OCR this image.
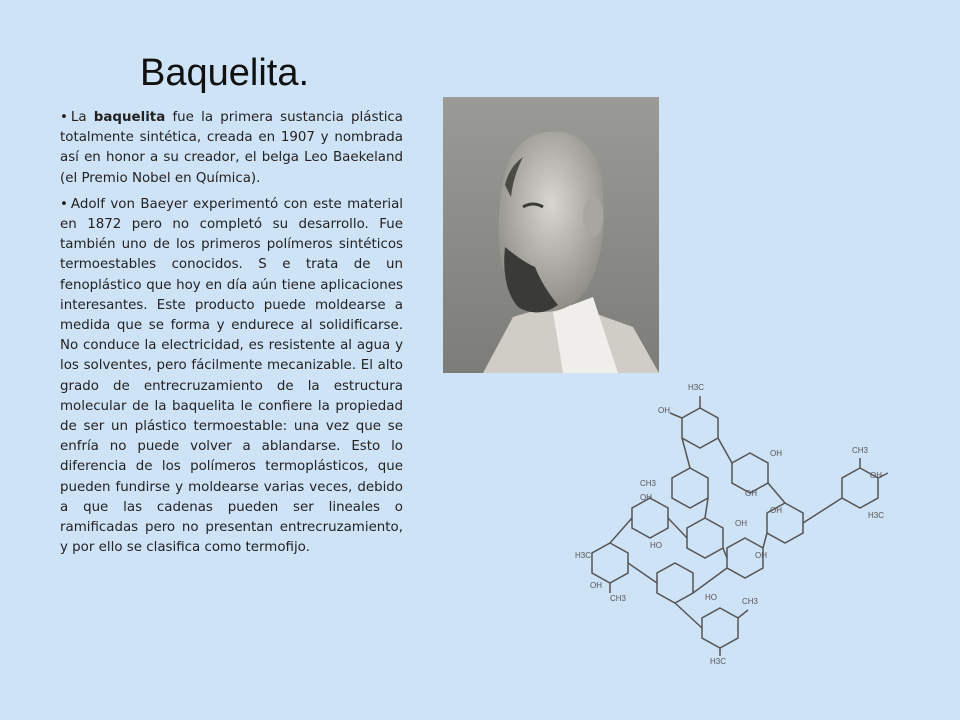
Baquelita.

• La baquelita fue la primera sustancia plástica totalmente sintética, creada en 1907 y nombrada así en honor a su creador, el belga Leo Baekeland (el Premio Nobel en Química).

• Adolf von Baeyer experimentó con este material en 1872 pero no completó su desarrollo. Fue también uno de los primeros polímeros sintéticos termoestables conocidos. S e trata de un fenoplástico que hoy en día aún tiene aplicaciones interesantes. Este producto puede moldearse a medida que se forma y endurece al solidificarse. No conduce la electricidad, es resistente al agua y los solventes, pero fácilmente mecanizable. El alto grado de entrecruzamiento de la estructura molecular de la baquelita le confiere la propiedad de ser un plástico termoestable: una vez que se enfría no puede volver a ablandarse. Esto lo diferencia de los polímeros termoplásticos, que pueden fundirse y moldearse varias veces, debido a que las cadenas pueden ser lineales o ramificadas pero no presentan entrecruzamiento, y por ello se clasifica como termofijo.

H3C
OH
OH	CH3
OH
H3C
OH
OH
CH3
OH
OH
OH
H3C
OH
HO
HO	CH3
H3C
CH3
